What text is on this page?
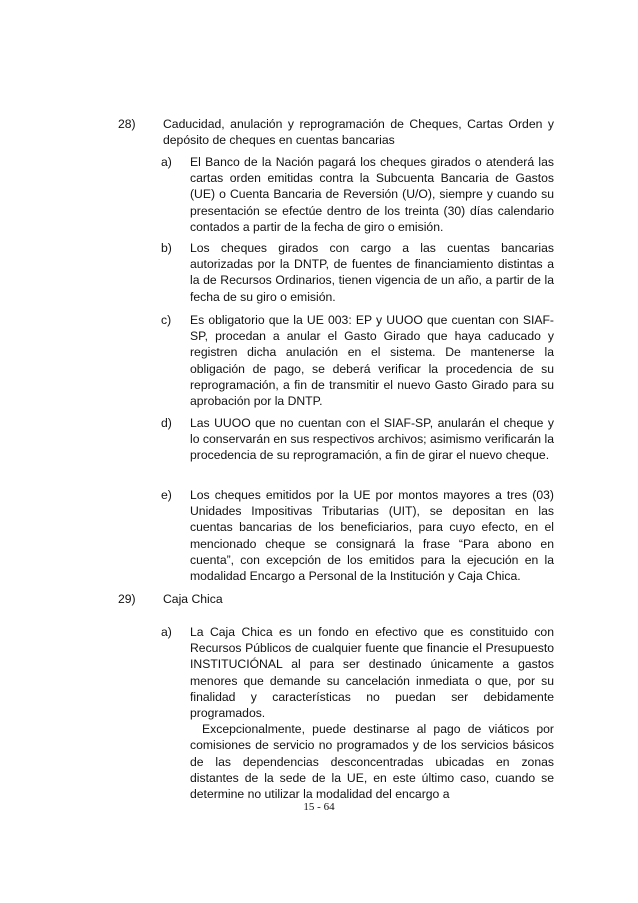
28) Caducidad, anulación y reprogramación de Cheques, Cartas Orden y depósito de cheques en cuentas bancarias
a) El Banco de la Nación pagará los cheques girados o atenderá las cartas orden emitidas contra la Subcuenta Bancaria de Gastos (UE) o Cuenta Bancaria de Reversión (U/O), siempre y cuando su presentación se efectúe dentro de los treinta (30) días calendario contados a partir de la fecha de giro o emisión.
b) Los cheques girados con cargo a las cuentas bancarias autorizadas por la DNTP, de fuentes de financiamiento distintas a la de Recursos Ordinarios, tienen vigencia de un año, a partir de la fecha de su giro o emisión.
c) Es obligatorio que la UE 003: EP y UUOO que cuentan con SIAF-SP, procedan a anular el Gasto Girado que haya caducado y registren dicha anulación en el sistema. De mantenerse la obligación de pago, se deberá verificar la procedencia de su reprogramación, a fin de transmitir el nuevo Gasto Girado para su aprobación por la DNTP.
d) Las UUOO que no cuentan con el SIAF-SP, anularán el cheque y lo conservarán en sus respectivos archivos; asimismo verificarán la procedencia de su reprogramación, a fin de girar el nuevo cheque.
e) Los cheques emitidos por la UE por montos mayores a tres (03) Unidades Impositivas Tributarias (UIT), se depositan en las cuentas bancarias de los beneficiarios, para cuyo efecto, en el mencionado cheque se consignará la frase “Para abono en cuenta”, con excepción de los emitidos para la ejecución en la modalidad Encargo a Personal de la Institución y Caja Chica.
29) Caja Chica
a) La Caja Chica es un fondo en efectivo que es constituido con Recursos Públicos de cualquier fuente que financie el Presupuesto INSTITUCIÓNAL al para ser destinado únicamente a gastos menores que demande su cancelación inmediata o que, por su finalidad y características no puedan ser debidamente programados.

Excepcionalmente, puede destinarse al pago de viáticos por comisiones de servicio no programados y de los servicios básicos de las dependencias desconcentradas ubicadas en zonas distantes de la sede de la UE, en este último caso, cuando se determine no utilizar la modalidad del encargo a

15 - 64
